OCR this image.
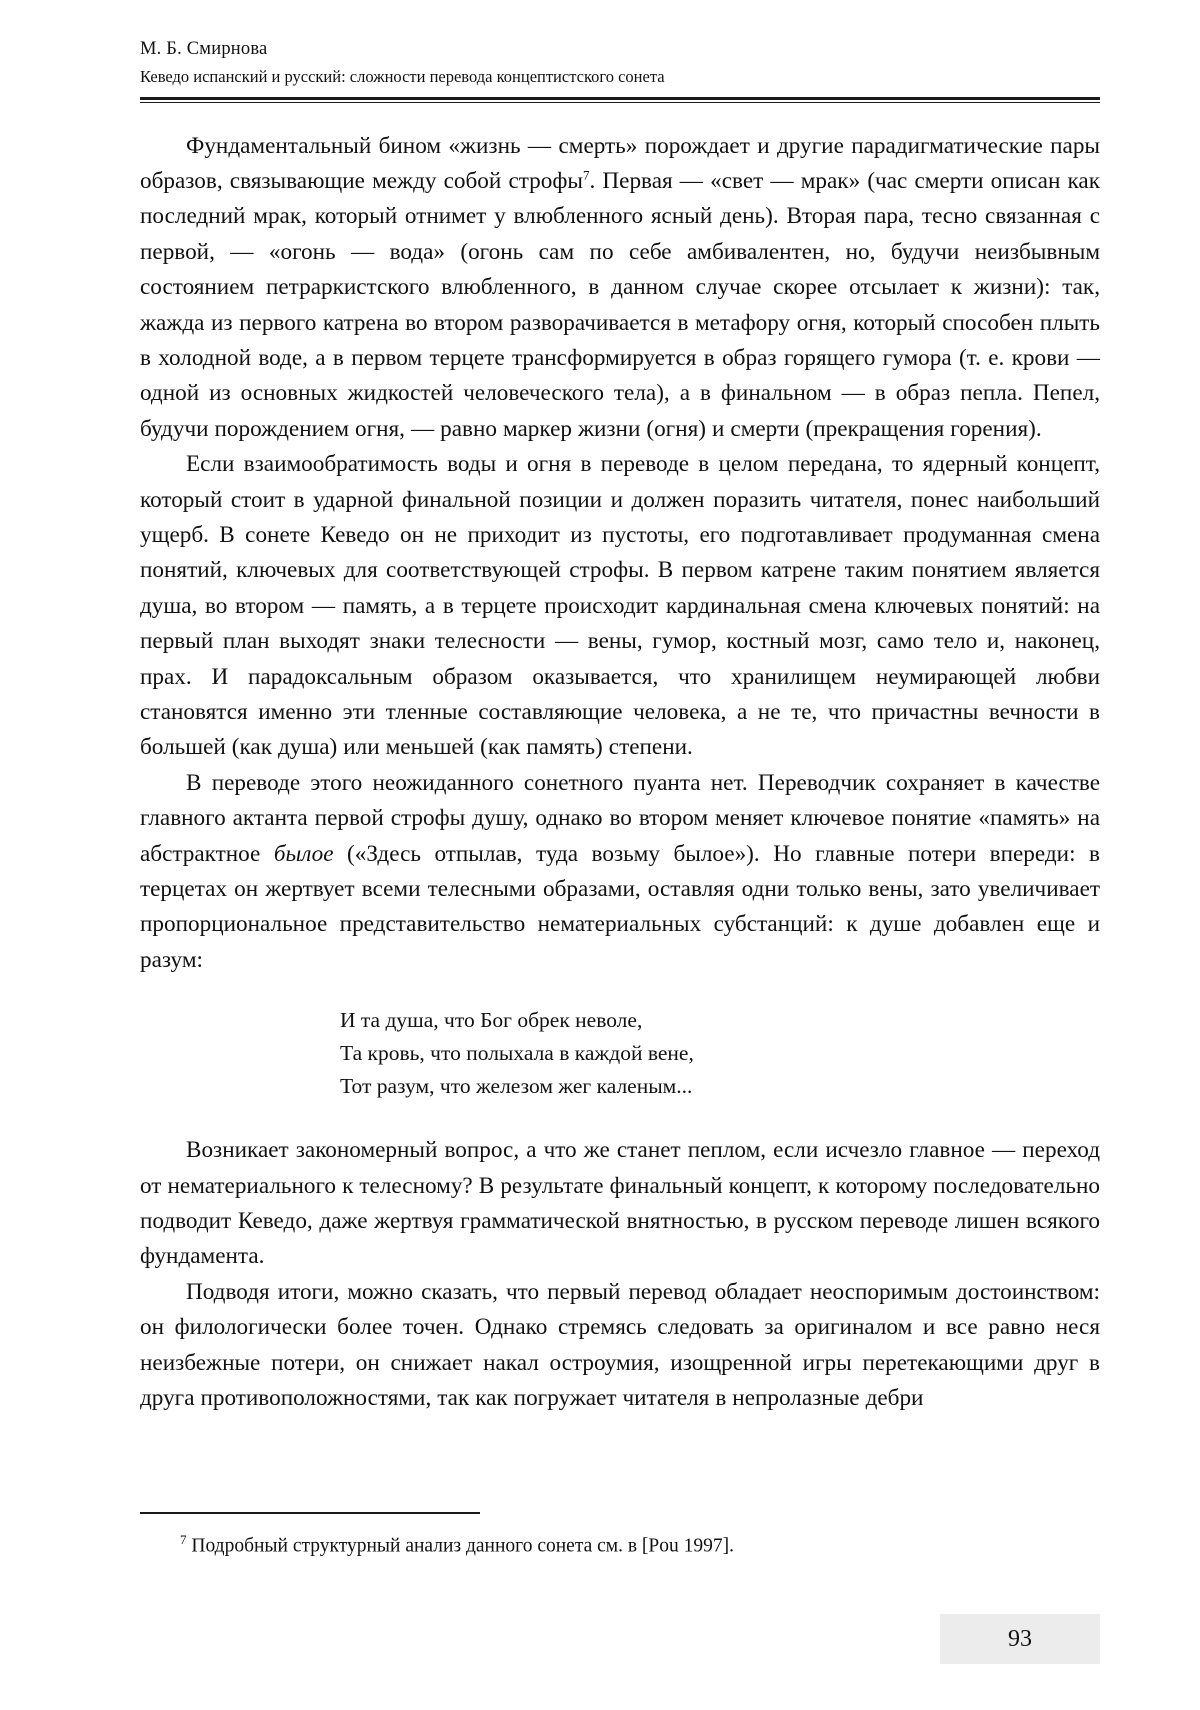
М. Б. Смирнова
Кеведо испанский и русский: сложности перевода концептистского сонета

Фундаментальный бином «жизнь — смерть» порождает и другие парадигматические пары образов, связывающие между собой строфы$^7$. Первая — «свет — мрак» (час смерти описан как последний мрак, который отнимет у влюбленного ясный день). Вторая пара, тесно связанная с первой, — «огонь — вода» (огонь сам по себе амбивалентен, но, будучи неизбывным состоянием петраркистского влюбленного, в данном случае скорее отсылает к жизни): так, жажда из первого катрена во втором разворачивается в метафору огня, который способен плыть в холодной воде, а в первом терцете трансформируется в образ горящего гумора (т. е. крови — одной из основных жидкостей человеческого тела), а в финальном — в образ пепла. Пепел, будучи порождением огня, — равно маркер жизни (огня) и смерти (прекращения горения).

Если взаимообратимость воды и огня в переводе в целом передана, то ядерный концепт, который стоит в ударной финальной позиции и должен поразить читателя, понес наибольший ущерб. В сонете Кеведо он не приходит из пустоты, его подготавливает продуманная смена понятий, ключевых для соответствующей строфы. В первом катрене таким понятием является душа, во втором — память, а в терцете происходит кардинальная смена ключевых понятий: на первый план выходят знаки телесности — вены, гумор, костный мозг, само тело и, наконец, прах. И парадоксальным образом оказывается, что хранилищем неумирающей любви становятся именно эти тленные составляющие человека, а не те, что причастны вечности в большей (как душа) или меньшей (как память) степени.

В переводе этого неожиданного сонетного пуанта нет. Переводчик сохраняет в качестве главного актанта первой строфы душу, однако во втором меняет ключевое понятие «память» на абстрактное былое («Здесь отпылав, туда возьму былое»). Но главные потери впереди: в терцетах он жертвует всеми телесными образами, оставляя одни только вены, зато увеличивает пропорциональное представительство нематериальных субстанций: к душе добавлен еще и разум:

И та душа, что Бог обрек неволе,
Та кровь, что полыхала в каждой вене,
Тот разум, что железом жег каленым...

Возникает закономерный вопрос, а что же станет пеплом, если исчезло главное — переход от нематериального к телесному? В результате финальный концепт, к которому последовательно подводит Кеведо, даже жертвуя грамматической внятностью, в русском переводе лишен всякого фундамента.

Подводя итоги, можно сказать, что первый перевод обладает неоспоримым достоинством: он филологически более точен. Однако стремясь следовать за оригиналом и все равно неся неизбежные потери, он снижает накал остроумия, изощренной игры перетекающими друг в друга противоположностями, так как погружает читателя в непролазные дебри

$^7$ Подробный структурный анализ данного сонета см. в [Pou 1997].
93
